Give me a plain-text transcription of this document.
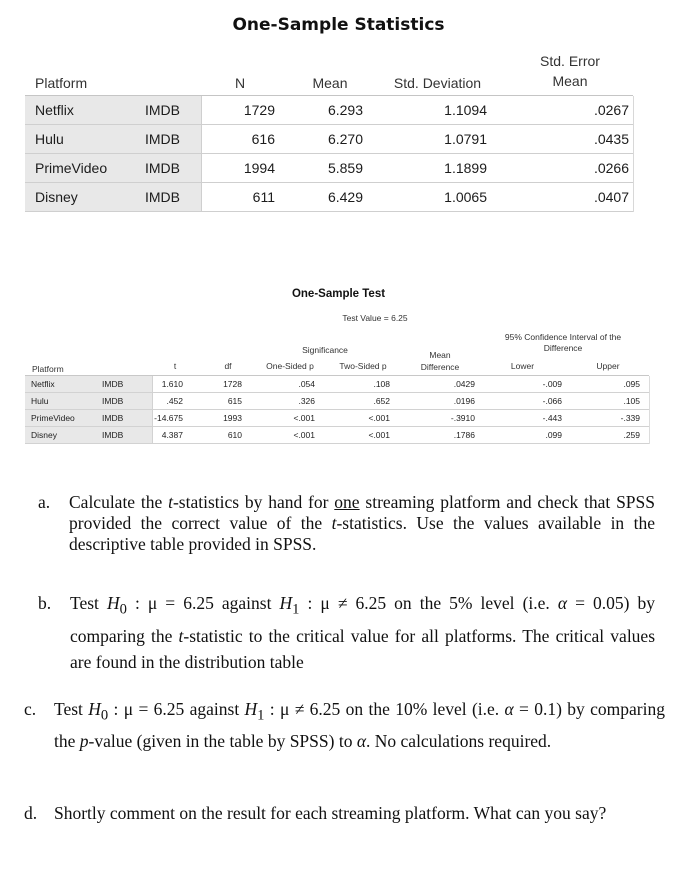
One-Sample Statistics
Platform	N	Mean	Std. Deviation
Std. Error
Mean
Netflix	IMDB	1729	6.293	1.1094	.0267
Hulu	IMDB	616	6.270	1.0791	.0435
PrimeVideo	IMDB	1994	5.859	1.1899	.0266
Disney	IMDB	611	6.429	1.0065	.0407
One-Sample Test
Test Value = 6.25
95% Confidence Interval of the
Difference
Significance	Mean
Difference
Platform	t	df	One-Sided p	Two-Sided p	Lower	Upper
Netflix	IMDB	1.610	1728	.054	.108	.0429	-.009	.095
Hulu	IMDB	.452	615	.326	.652	.0196	-.066	.105
PrimeVideo	IMDB	-14.675	1993	<.001	<.001	-.3910	-.443	-.339
Disney	IMDB	4.387	610	<.001	<.001	.1786	.099	.259
a. Calculate the t-statistics by hand for one streaming platform and check that SPSS provided the correct value of the t-statistics. Use the values available in the descriptive table provided in SPSS.
b. Test $H_0$ : μ = 6.25 against $H_1$ : μ ≠ 6.25 on the 5% level (i.e. α = 0.05) by comparing the t-statistic to the critical value for all platforms. The critical values are found in the distribution table
c. Test $H_0$ : μ = 6.25 against $H_1$ : μ ≠ 6.25 on the 10% level (i.e. α = 0.1) by comparing the p-value (given in the table by SPSS) to α. No calculations required.
d. Shortly comment on the result for each streaming platform. What can you say?
